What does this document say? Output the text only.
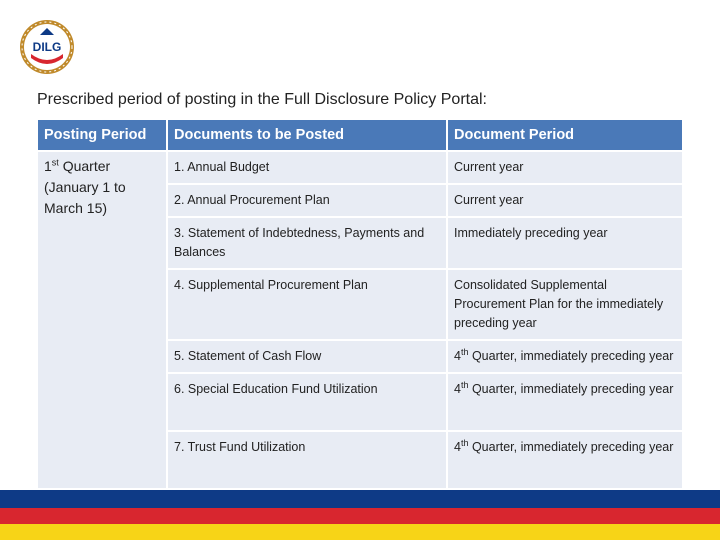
DILG
Prescribed period of posting in the Full Disclosure Policy Portal:
Posting Period	Documents to be Posted	Document Period
1st Quarter (January 1 to March 15)	1. Annual Budget	Current year
	2. Annual Procurement Plan	Current year
	3. Statement of Indebtedness, Payments and Balances	Immediately preceding year
	4. Supplemental Procurement Plan	Consolidated Supplemental Procurement Plan for the immediately preceding year
	5. Statement of Cash Flow	4th Quarter, immediately preceding year
	6. Special Education Fund Utilization	4th Quarter, immediately preceding year
	7. Trust Fund Utilization	4th Quarter, immediately preceding year
